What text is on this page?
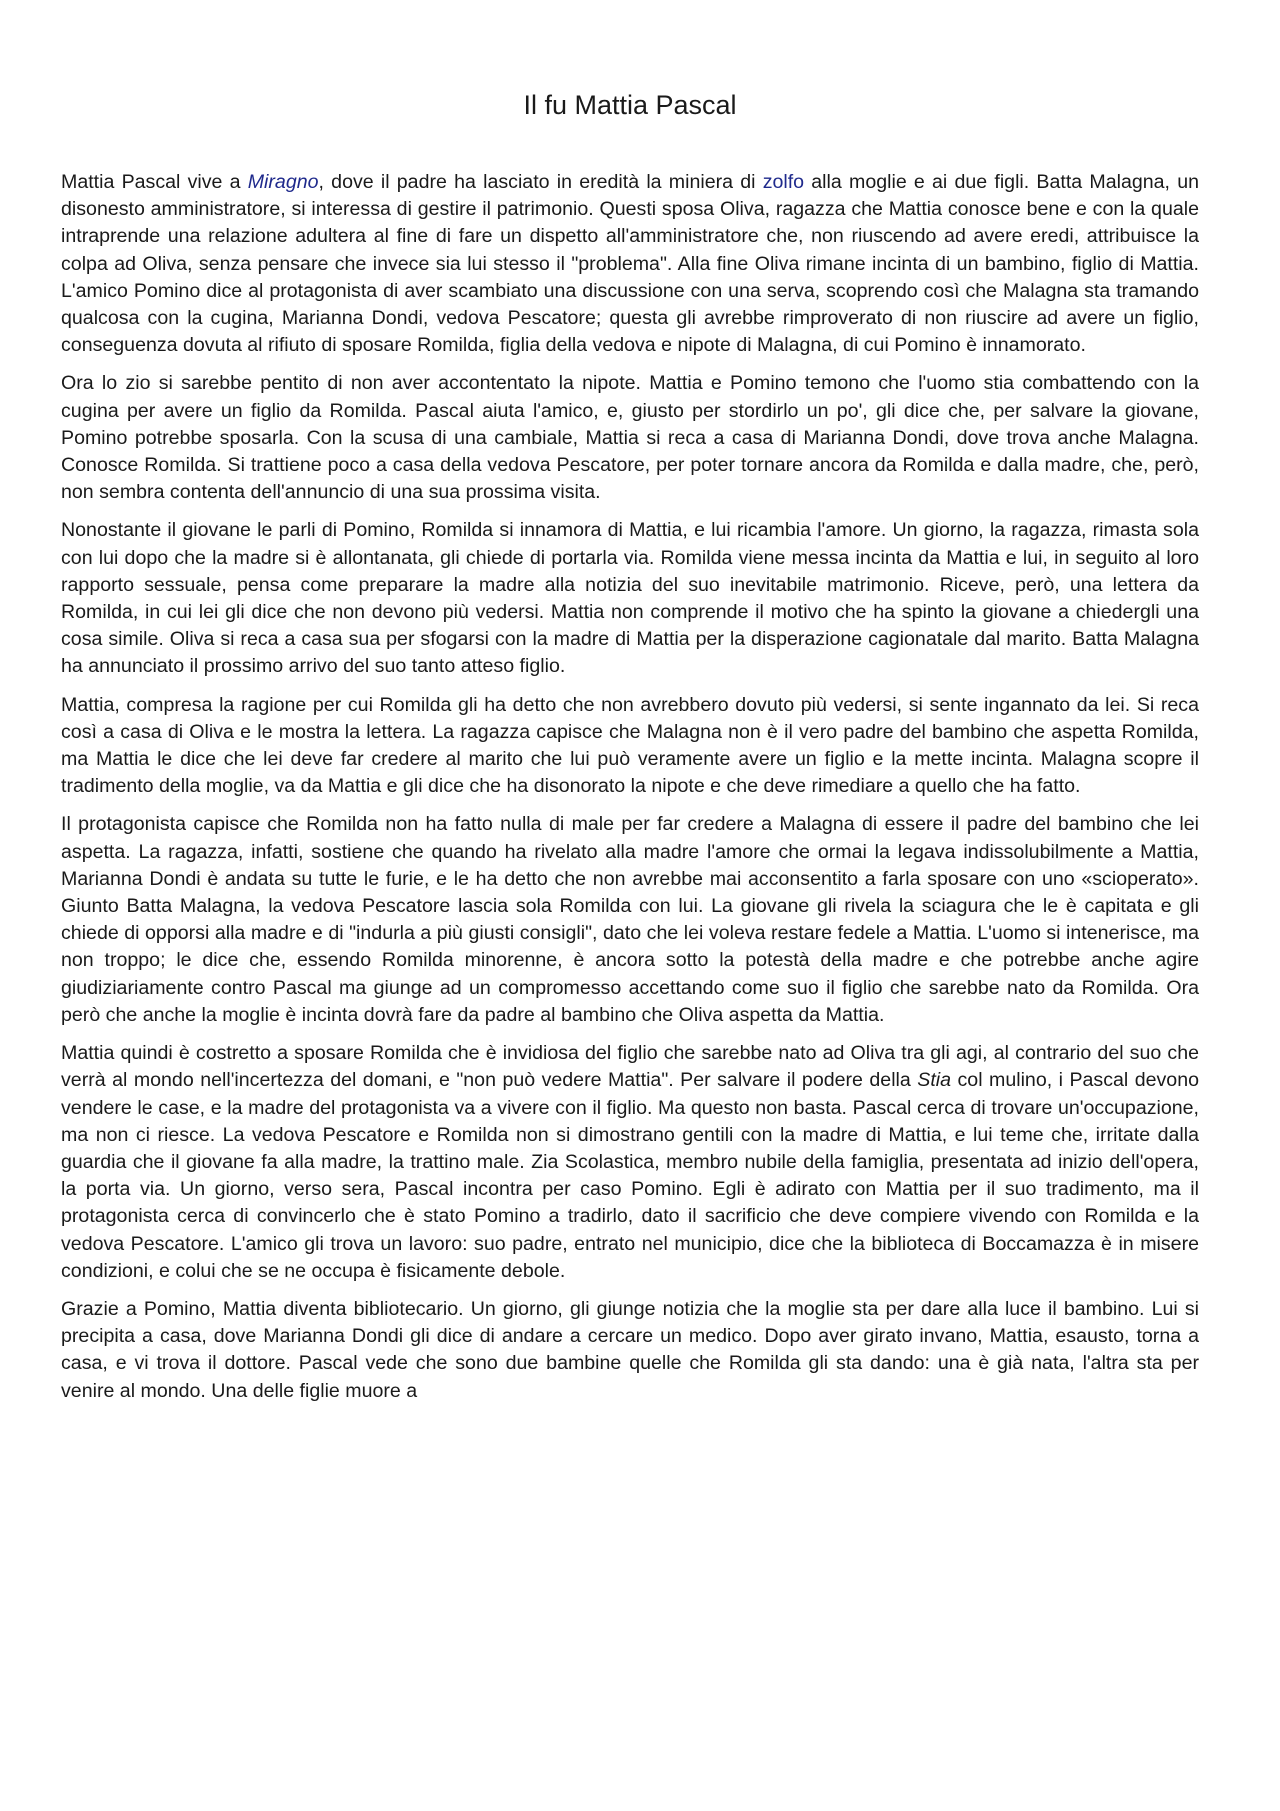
Il fu Mattia Pascal

Mattia Pascal vive a Miragno, dove il padre ha lasciato in eredità la miniera di zolfo alla moglie e ai due figli. Batta Malagna, un disonesto amministratore, si interessa di gestire il patrimonio. Questi sposa Oliva, ragazza che Mattia conosce bene e con la quale intraprende una relazione adultera al fine di fare un dispetto all'amministratore che, non riuscendo ad avere eredi, attribuisce la colpa ad Oliva, senza pensare che invece sia lui stesso il "problema". Alla fine Oliva rimane incinta di un bambino, figlio di Mattia. L'amico Pomino dice al protagonista di aver scambiato una discussione con una serva, scoprendo così che Malagna sta tramando qualcosa con la cugina, Marianna Dondi, vedova Pescatore; questa gli avrebbe rimproverato di non riuscire ad avere un figlio, conseguenza dovuta al rifiuto di sposare Romilda, figlia della vedova e nipote di Malagna, di cui Pomino è innamorato.

Ora lo zio si sarebbe pentito di non aver accontentato la nipote. Mattia e Pomino temono che l'uomo stia combattendo con la cugina per avere un figlio da Romilda. Pascal aiuta l'amico, e, giusto per stordirlo un po', gli dice che, per salvare la giovane, Pomino potrebbe sposarla. Con la scusa di una cambiale, Mattia si reca a casa di Marianna Dondi, dove trova anche Malagna. Conosce Romilda. Si trattiene poco a casa della vedova Pescatore, per poter tornare ancora da Romilda e dalla madre, che, però, non sembra contenta dell'annuncio di una sua prossima visita.

Nonostante il giovane le parli di Pomino, Romilda si innamora di Mattia, e lui ricambia l'amore. Un giorno, la ragazza, rimasta sola con lui dopo che la madre si è allontanata, gli chiede di portarla via. Romilda viene messa incinta da Mattia e lui, in seguito al loro rapporto sessuale, pensa come preparare la madre alla notizia del suo inevitabile matrimonio. Riceve, però, una lettera da Romilda, in cui lei gli dice che non devono più vedersi. Mattia non comprende il motivo che ha spinto la giovane a chiedergli una cosa simile. Oliva si reca a casa sua per sfogarsi con la madre di Mattia per la disperazione cagionatale dal marito. Batta Malagna ha annunciato il prossimo arrivo del suo tanto atteso figlio.

Mattia, compresa la ragione per cui Romilda gli ha detto che non avrebbero dovuto più vedersi, si sente ingannato da lei. Si reca così a casa di Oliva e le mostra la lettera. La ragazza capisce che Malagna non è il vero padre del bambino che aspetta Romilda, ma Mattia le dice che lei deve far credere al marito che lui può veramente avere un figlio e la mette incinta. Malagna scopre il tradimento della moglie, va da Mattia e gli dice che ha disonorato la nipote e che deve rimediare a quello che ha fatto.

Il protagonista capisce che Romilda non ha fatto nulla di male per far credere a Malagna di essere il padre del bambino che lei aspetta. La ragazza, infatti, sostiene che quando ha rivelato alla madre l'amore che ormai la legava indissolubilmente a Mattia, Marianna Dondi è andata su tutte le furie, e le ha detto che non avrebbe mai acconsentito a farla sposare con uno «scioperato». Giunto Batta Malagna, la vedova Pescatore lascia sola Romilda con lui. La giovane gli rivela la sciagura che le è capitata e gli chiede di opporsi alla madre e di "indurla a più giusti consigli", dato che lei voleva restare fedele a Mattia. L'uomo si intenerisce, ma non troppo; le dice che, essendo Romilda minorenne, è ancora sotto la potestà della madre e che potrebbe anche agire giudiziariamente contro Pascal ma giunge ad un compromesso accettando come suo il figlio che sarebbe nato da Romilda. Ora però che anche la moglie è incinta dovrà fare da padre al bambino che Oliva aspetta da Mattia.

Mattia quindi è costretto a sposare Romilda che è invidiosa del figlio che sarebbe nato ad Oliva tra gli agi, al contrario del suo che verrà al mondo nell'incertezza del domani, e "non può vedere Mattia". Per salvare il podere della Stia col mulino, i Pascal devono vendere le case, e la madre del protagonista va a vivere con il figlio. Ma questo non basta. Pascal cerca di trovare un'occupazione, ma non ci riesce. La vedova Pescatore e Romilda non si dimostrano gentili con la madre di Mattia, e lui teme che, irritate dalla guardia che il giovane fa alla madre, la trattino male. Zia Scolastica, membro nubile della famiglia, presentata ad inizio dell'opera, la porta via. Un giorno, verso sera, Pascal incontra per caso Pomino. Egli è adirato con Mattia per il suo tradimento, ma il protagonista cerca di convincerlo che è stato Pomino a tradirlo, dato il sacrificio che deve compiere vivendo con Romilda e la vedova Pescatore. L'amico gli trova un lavoro: suo padre, entrato nel municipio, dice che la biblioteca di Boccamazza è in misere condizioni, e colui che se ne occupa è fisicamente debole.

Grazie a Pomino, Mattia diventa bibliotecario. Un giorno, gli giunge notizia che la moglie sta per dare alla luce il bambino. Lui si precipita a casa, dove Marianna Dondi gli dice di andare a cercare un medico. Dopo aver girato invano, Mattia, esausto, torna a casa, e vi trova il dottore. Pascal vede che sono due bambine quelle che Romilda gli sta dando: una è già nata, l'altra sta per venire al mondo. Una delle figlie muore a
